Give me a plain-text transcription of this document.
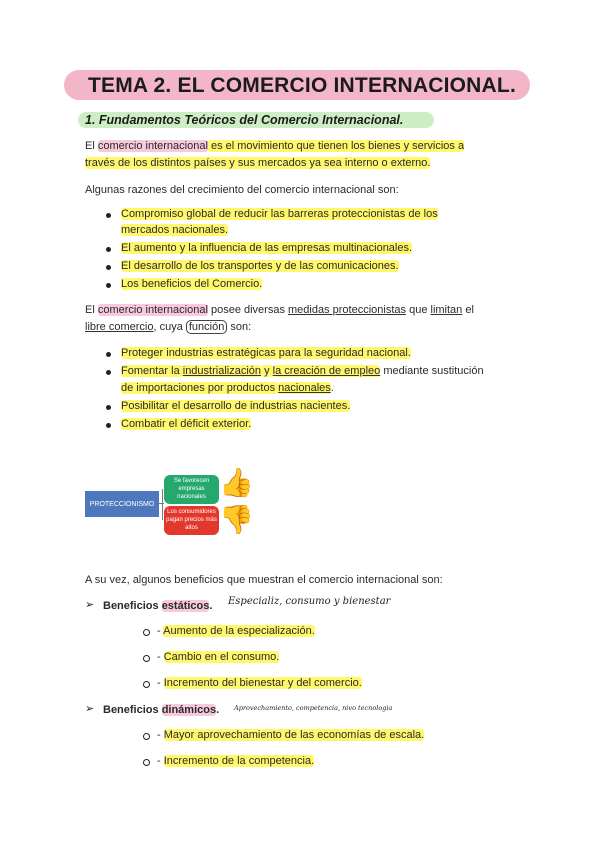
TEMA 2. EL COMERCIO INTERNACIONAL.
1. Fundamentos Teóricos del Comercio Internacional.
El comercio internacional es el movimiento que tienen los bienes y servicios a
través de los distintos países y sus mercados ya sea interno o externo.
Algunas razones del crecimiento del comercio internacional son:
Compromiso global de reducir las barreras proteccionistas de los
mercados nacionales.
El aumento y la influencia de las empresas multinacionales.
El desarrollo de los transportes y de las comunicaciones.
Los beneficios del Comercio.
El comercio internacional posee diversas medidas proteccionistas que limitan el
libre comercio, cuya función son:
Proteger industrias estratégicas para la seguridad nacional.
Fomentar la industrialización y la creación de empleo mediante sustitución
de importaciones por productos nacionales.
Posibilitar el desarrollo de industrias nacientes.
Combatir el déficit exterior.
PROTECCIONISMO
Se favorecen empresas nacionales
Los consumidores pagan precios más altos
👍
👎
A su vez, algunos beneficios que muestran el comercio internacional son:
➢ Beneficios estáticos. Especializ, consumo y bienestar
- Aumento de la especialización.
- Cambio en el consumo.
- Incremento del bienestar y del comercio.
➢ Beneficios dinámicos. Aprovechamiento, competencia, nivo tecnologia
- Mayor aprovechamiento de las economías de escala.
- Incremento de la competencia.
